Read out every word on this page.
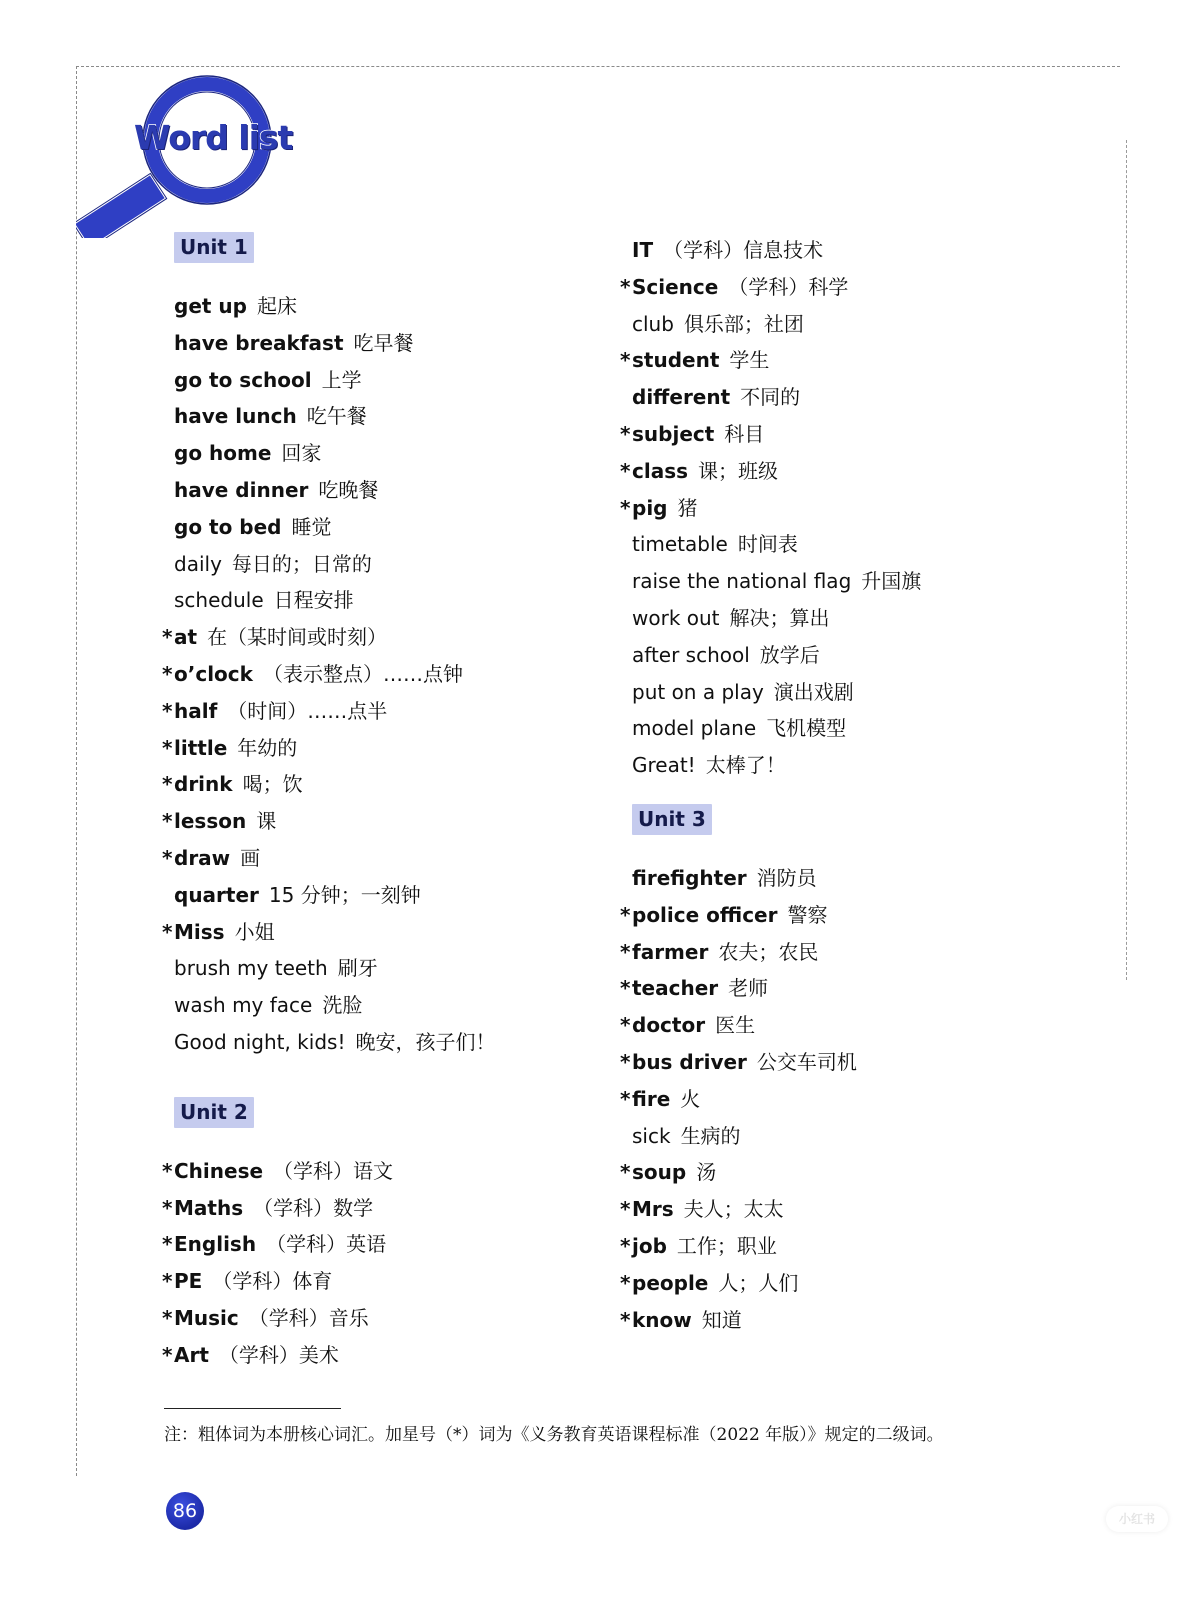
Word list
Unit 1
get up 起床
have breakfast 吃早餐
go to school 上学
have lunch 吃午餐
go home 回家
have dinner 吃晚餐
go to bed 睡觉
daily 每日的；日常的
schedule 日程安排
*at 在（某时间或时刻）
*o’clock （表示整点）……点钟
*half （时间）……点半
*little 年幼的
*drink 喝；饮
*lesson 课
*draw 画
quarter 15 分钟；一刻钟
*Miss 小姐
brush my teeth 刷牙
wash my face 洗脸
Good night, kids! 晚安，孩子们！
Unit 2
*Chinese （学科）语文
*Maths （学科）数学
*English （学科）英语
*PE （学科）体育
*Music （学科）音乐
*Art （学科）美术
IT （学科）信息技术
*Science （学科）科学
club 俱乐部；社团
*student 学生
different 不同的
*subject 科目
*class 课；班级
*pig 猪
timetable 时间表
raise the national flag 升国旗
work out 解决；算出
after school 放学后
put on a play 演出戏剧
model plane 飞机模型
Great! 太棒了！
Unit 3
firefighter 消防员
*police officer 警察
*farmer 农夫；农民
*teacher 老师
*doctor 医生
*bus driver 公交车司机
*fire 火
sick 生病的
*soup 汤
*Mrs 夫人；太太
*job 工作；职业
*people 人；人们
*know 知道
注：粗体词为本册核心词汇。加星号（*）词为《义务教育英语课程标准（2022 年版）》规定的二级词。
86	小红书
